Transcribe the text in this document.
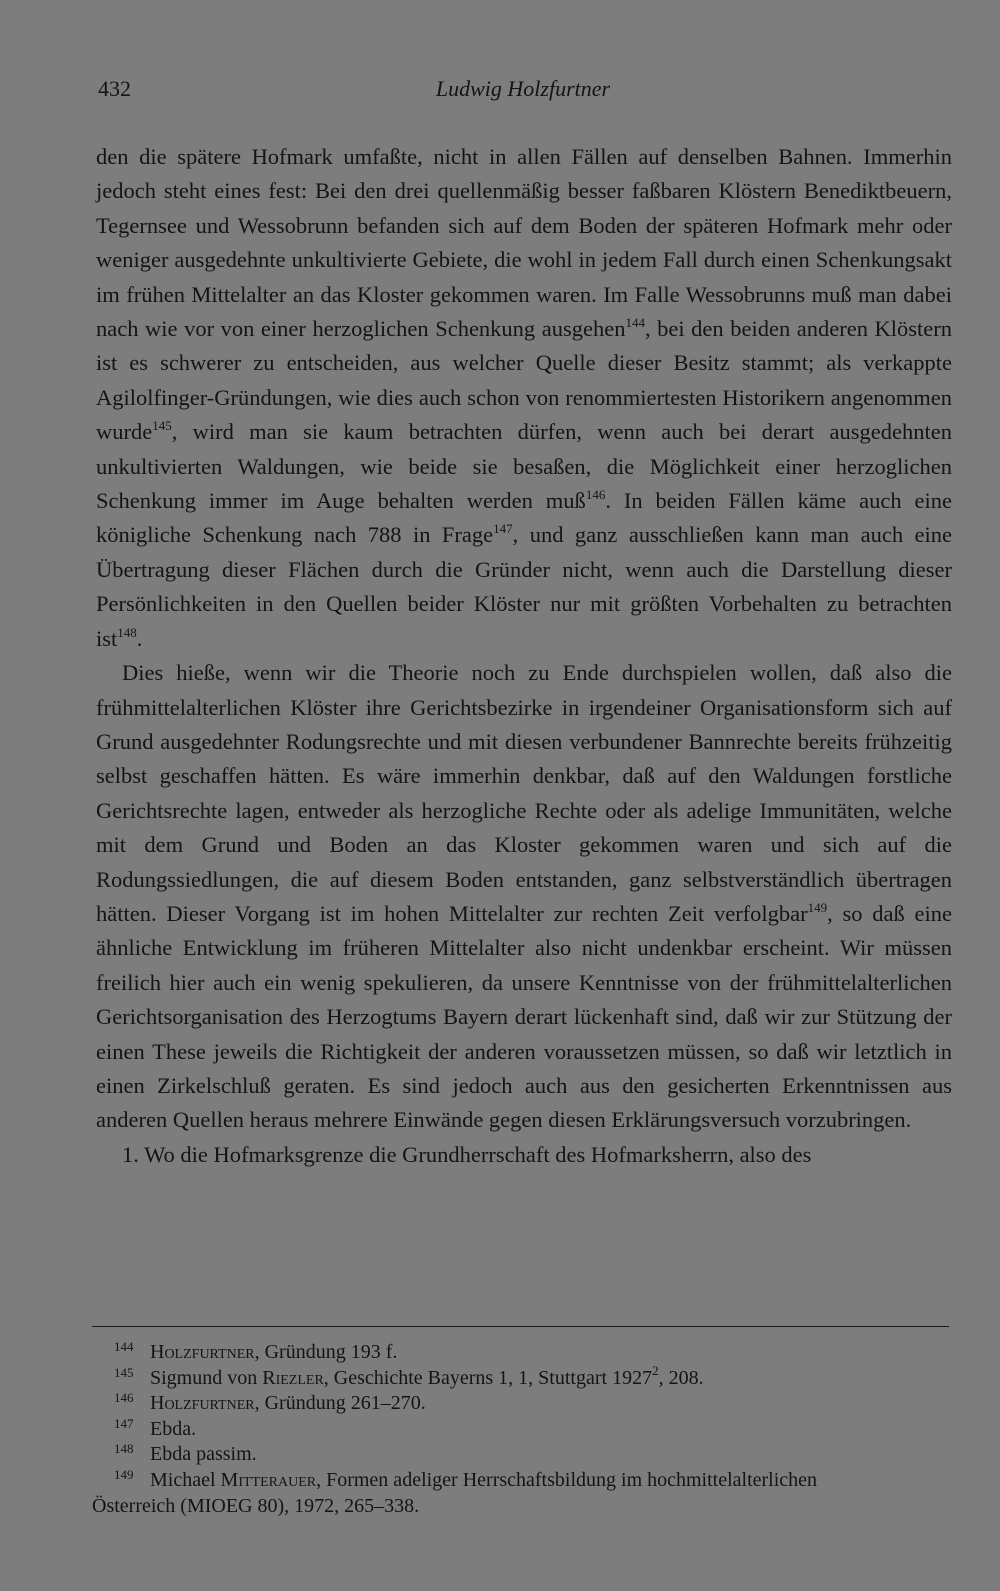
432	Ludwig Holzfurtner

den die spätere Hofmark umfaßte, nicht in allen Fällen auf denselben Bahnen. Immerhin jedoch steht eines fest: Bei den drei quellenmäßig besser faßbaren Klöstern Benediktbeuern, Tegernsee und Wessobrunn befanden sich auf dem Boden der späteren Hofmark mehr oder weniger ausgedehnte unkultivierte Gebiete, die wohl in jedem Fall durch einen Schenkungsakt im frühen Mittelalter an das Kloster gekommen waren. Im Falle Wessobrunns muß man dabei nach wie vor von einer herzoglichen Schenkung ausgehen$^{144}$, bei den beiden anderen Klöstern ist es schwerer zu entscheiden, aus welcher Quelle dieser Besitz stammt; als verkappte Agilolfinger-Gründungen, wie dies auch schon von renommiertesten Historikern angenommen wurde$^{145}$, wird man sie kaum betrachten dürfen, wenn auch bei derart ausgedehnten unkultivierten Waldungen, wie beide sie besaßen, die Möglichkeit einer herzoglichen Schenkung immer im Auge behalten werden muß$^{146}$. In beiden Fällen käme auch eine königliche Schenkung nach 788 in Frage$^{147}$, und ganz ausschließen kann man auch eine Übertragung dieser Flächen durch die Gründer nicht, wenn auch die Darstellung dieser Persönlichkeiten in den Quellen beider Klöster nur mit größten Vorbehalten zu betrachten ist$^{148}$.

Dies hieße, wenn wir die Theorie noch zu Ende durchspielen wollen, daß also die frühmittelalterlichen Klöster ihre Gerichtsbezirke in irgendeiner Organisationsform sich auf Grund ausgedehnter Rodungsrechte und mit diesen verbundener Bannrechte bereits frühzeitig selbst geschaffen hätten. Es wäre immerhin denkbar, daß auf den Waldungen forstliche Gerichtsrechte lagen, entweder als herzogliche Rechte oder als adelige Immunitäten, welche mit dem Grund und Boden an das Kloster gekommen waren und sich auf die Rodungssiedlungen, die auf diesem Boden entstanden, ganz selbstverständlich übertragen hätten. Dieser Vorgang ist im hohen Mittelalter zur rechten Zeit verfolgbar$^{149}$, so daß eine ähnliche Entwicklung im früheren Mittelalter also nicht undenkbar erscheint. Wir müssen freilich hier auch ein wenig spekulieren, da unsere Kenntnisse von der frühmittelalterlichen Gerichtsorganisation des Herzogtums Bayern derart lückenhaft sind, daß wir zur Stützung der einen These jeweils die Richtigkeit der anderen voraussetzen müssen, so daß wir letztlich in einen Zirkelschluß geraten. Es sind jedoch auch aus den gesicherten Erkenntnissen aus anderen Quellen heraus mehrere Einwände gegen diesen Erklärungsversuch vorzubringen.

1. Wo die Hofmarksgrenze die Grundherrschaft des Hofmarksherrn, also des

144 Holzfurtner, Gründung 193 f.
145 Sigmund von Riezler, Geschichte Bayerns 1, 1, Stuttgart 1927$^2$, 208.
146 Holzfurtner, Gründung 261–270.
147 Ebda.
148 Ebda passim.
149 Michael Mitterauer, Formen adeliger Herrschaftsbildung im hochmittelalterlichen
Österreich (MIOEG 80), 1972, 265–338.
